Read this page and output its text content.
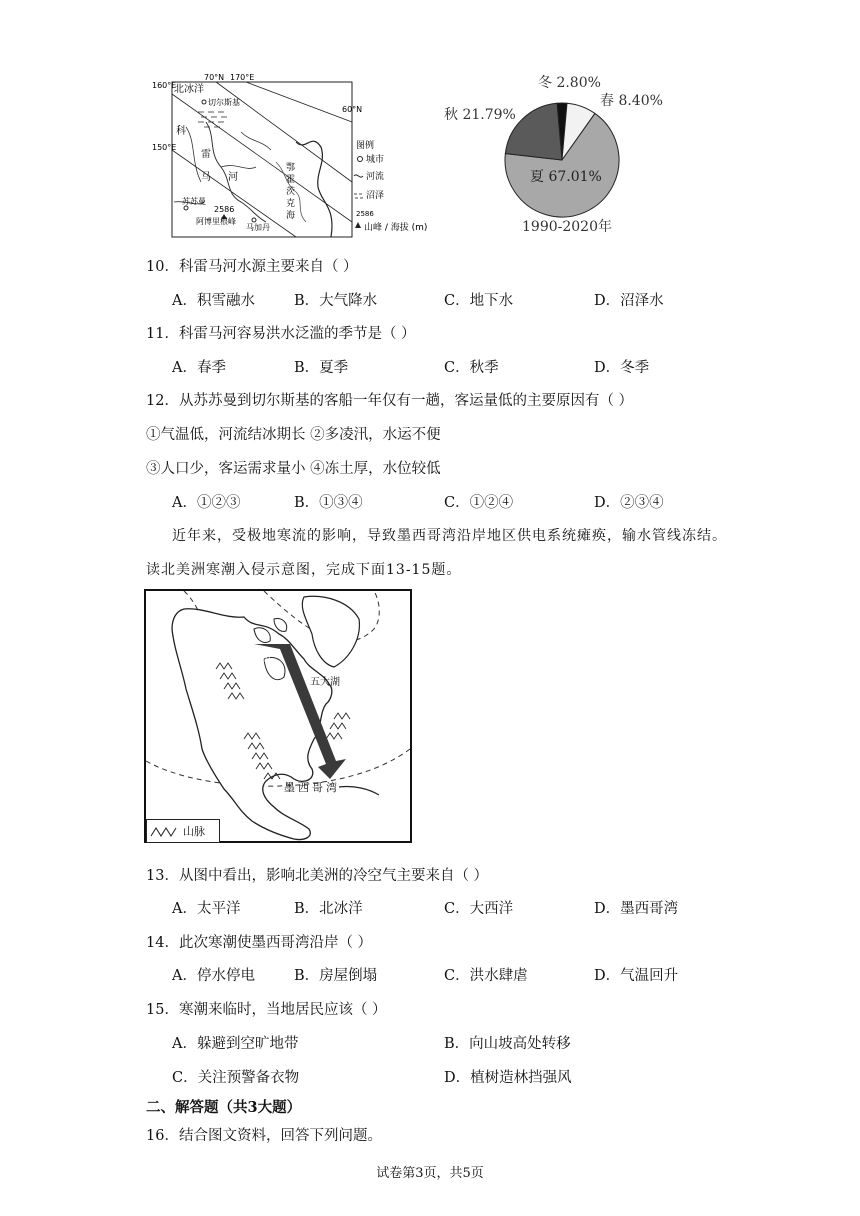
70°N 170°E
160°E
150°E
60°N
北冰洋
切尔斯基
科
雷
马 河
鄂
霍
茨
克
海
苏苏曼
2586
阿博里根峰
马加丹
图例
城市
河流
沼泽
2586
山峰 / 海拔 (m)
冬 2.80%
春 8.40%
秋 21.79%
夏 67.01%
1990-2020年
10．科雷马河水源主要来自（ ）
A．积雪融水	B．大气降水	C．地下水	D．沼泽水
11．科雷马河容易洪水泛滥的季节是（ ）
A．春季	B．夏季	C．秋季	D．冬季
12．从苏苏曼到切尔斯基的客船一年仅有一趟，客运量低的主要原因有（ ）
①气温低，河流结冰期长 ②多凌汛，水运不便
③人口少，客运需求量小 ④冻土厚，水位较低
A．①②③	B．①③④	C．①②④	D．②③④
近年来，受极地寒流的影响，导致墨西哥湾沿岸地区供电系统瘫痪，输水管线冻结。
读北美洲寒潮入侵示意图，完成下面13-15题。
冷
空
气
五大湖
墨西哥湾
山脉
13．从图中看出，影响北美洲的冷空气主要来自（ ）
A．太平洋	B．北冰洋	C．大西洋	D．墨西哥湾
14．此次寒潮使墨西哥湾沿岸（ ）
A．停水停电	B．房屋倒塌	C．洪水肆虐	D．气温回升
15．寒潮来临时，当地居民应该（ ）
A．躲避到空旷地带	B．向山坡高处转移
C．关注预警备衣物	D．植树造林挡强风
二、解答题（共3大题）
16．结合图文资料，回答下列问题。
试卷第3页，共5页
